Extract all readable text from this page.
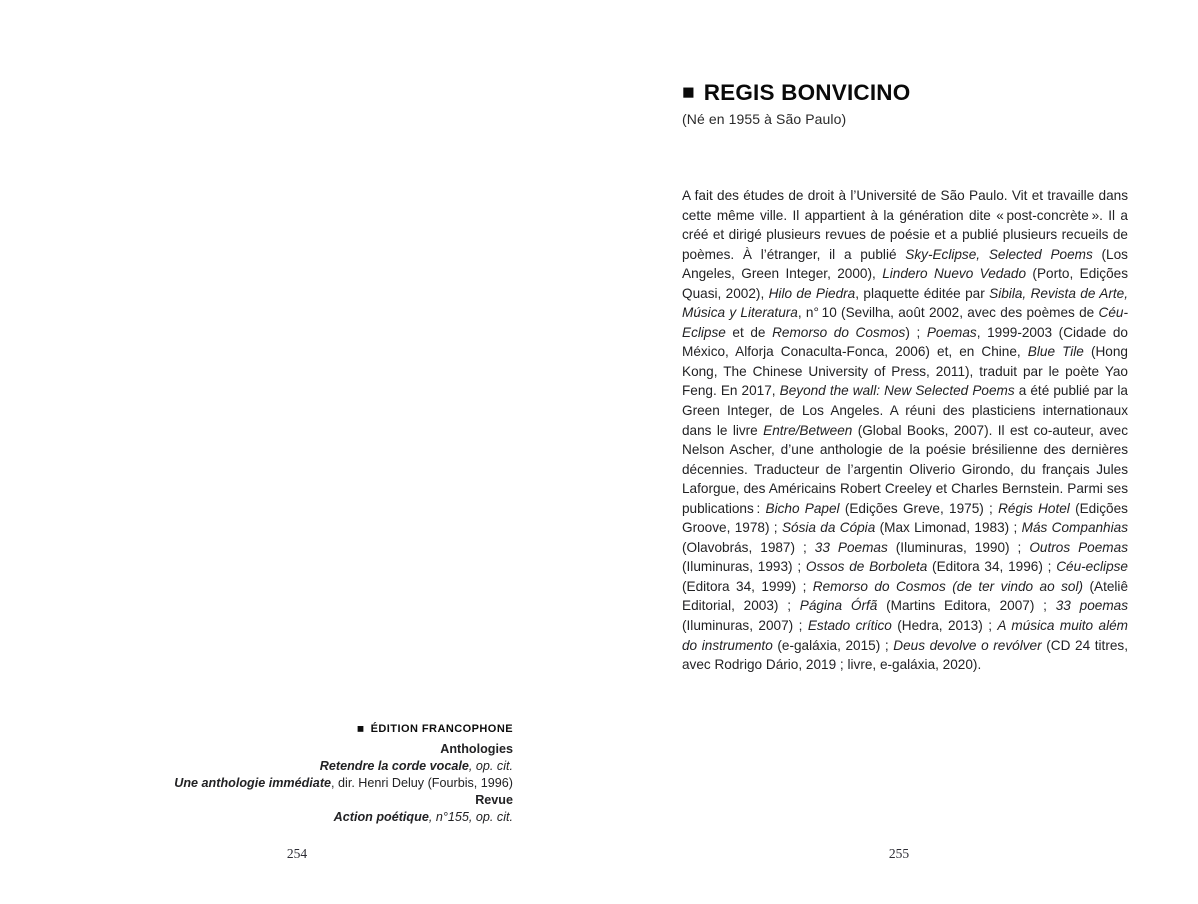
■ ÉDITION FRANCOPHONE
Anthologies
Retendre la corde vocale, op. cit.
Une anthologie immédiate, dir. Henri Deluy (Fourbis, 1996)
Revue
Action poétique, n°155, op. cit.
254
■ REGIS BONVICINO
(Né en 1955 à São Paulo)
A fait des études de droit à l’Université de São Paulo. Vit et travaille dans cette même ville. Il appartient à la génération dite « post-concrète ». Il a créé et dirigé plusieurs revues de poésie et a publié plusieurs recueils de poèmes. À l’étranger, il a publié Sky-Eclipse, Selected Poems (Los Angeles, Green Integer, 2000), Lindero Nuevo Vedado (Porto, Edições Quasi, 2002), Hilo de Piedra, plaquette éditée par Sibila, Revista de Arte, Música y Literatura, n° 10 (Sevilha, août 2002, avec des poèmes de Céu-Eclipse et de Remorso do Cosmos) ; Poemas, 1999-2003 (Cidade do México, Alforja Conaculta-Fonca, 2006) et, en Chine, Blue Tile (Hong Kong, The Chinese University of Press, 2011), traduit par le poète Yao Feng. En 2017, Beyond the wall: New Selected Poems a été publié par la Green Integer, de Los Angeles. A réuni des plasticiens internationaux dans le livre Entre/Between (Global Books, 2007). Il est co-auteur, avec Nelson Ascher, d’une anthologie de la poésie brésilienne des dernières décennies. Traducteur de l’argentin Oliverio Girondo, du français Jules Laforgue, des Américains Robert Creeley et Charles Bernstein. Parmi ses publications : Bicho Papel (Edições Greve, 1975) ; Régis Hotel (Edições Groove, 1978) ; Sósia da Cópia (Max Limonad, 1983) ; Más Companhias (Olavobrás, 1987) ; 33 Poemas (Iluminuras, 1990) ; Outros Poemas (Iluminuras, 1993) ; Ossos de Borboleta (Editora 34, 1996) ; Céu-eclipse (Editora 34, 1999) ; Remorso do Cosmos (de ter vindo ao sol) (Ateliê Editorial, 2003) ; Página Órfã (Martins Editora, 2007) ; 33 poemas (Iluminuras, 2007) ; Estado crítico (Hedra, 2013) ; A música muito além do instrumento (e-galáxia, 2015) ; Deus devolve o revólver (CD 24 titres, avec Rodrigo Dário, 2019 ; livre, e-galáxia, 2020).
255
